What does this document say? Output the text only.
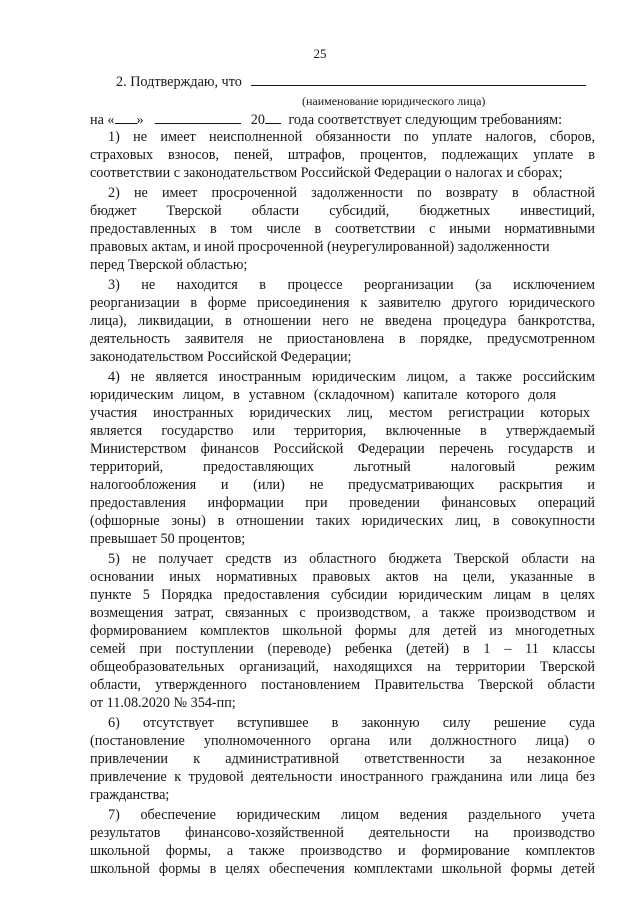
25
2. Подтверждаю, что
(наименование юридического лица)
на « »	20 года соответствует следующим требованиям:
1) не имеет неисполненной обязанности по уплате налогов, сборов,
страховых взносов, пеней, штрафов, процентов, подлежащих уплате в
соответствии с законодательством Российской Федерации о налогах и сборах;
2) не имеет просроченной задолженности по возврату в областной
бюджет Тверской области субсидий, бюджетных инвестиций,
предоставленных в том числе в соответствии с иными нормативными
правовых актам, и иной просроченной (неурегулированной) задолженности
перед Тверской областью;
3) не находится в процессе реорганизации (за исключением
реорганизации в форме присоединения к заявителю другого юридического
лица), ликвидации, в отношении него не введена процедура банкротства,
деятельность заявителя не приостановлена в порядке, предусмотренном
законодательством Российской Федерации;
4) не является иностранным юридическим лицом, а также российским
юридическим лицом, в уставном (складочном) капитале которого доля
участия иностранных юридических лиц, местом регистрации которых
является государство или территория, включенные в утверждаемый
Министерством финансов Российской Федерации перечень государств и
территорий, предоставляющих льготный налоговый режим
налогообложения и (или) не предусматривающих раскрытия и
предоставления информации при проведении финансовых операций
(офшорные зоны) в отношении таких юридических лиц, в совокупности
превышает 50 процентов;
5) не получает средств из областного бюджета Тверской области на
основании иных нормативных правовых актов на цели, указанные в
пункте 5 Порядка предоставления субсидии юридическим лицам в целях
возмещения затрат, связанных с производством, а также производством и
формированием комплектов школьной формы для детей из многодетных
семей при поступлении (переводе) ребенка (детей) в 1 – 11 классы
общеобразовательных организаций, находящихся на территории Тверской
области, утвержденного постановлением Правительства Тверской области
от 11.08.2020 № 354-пп;
6) отсутствует вступившее в законную силу решение суда
(постановление уполномоченного органа или должностного лица) о
привлечении к административной ответственности за незаконное
привлечение к трудовой деятельности иностранного гражданина или лица без
гражданства;
7) обеспечение юридическим лицом ведения раздельного учета
результатов финансово-хозяйственной деятельности на производство
школьной формы, а также производство и формирование комплектов
школьной формы в целях обеспечения комплектами школьной формы детей
